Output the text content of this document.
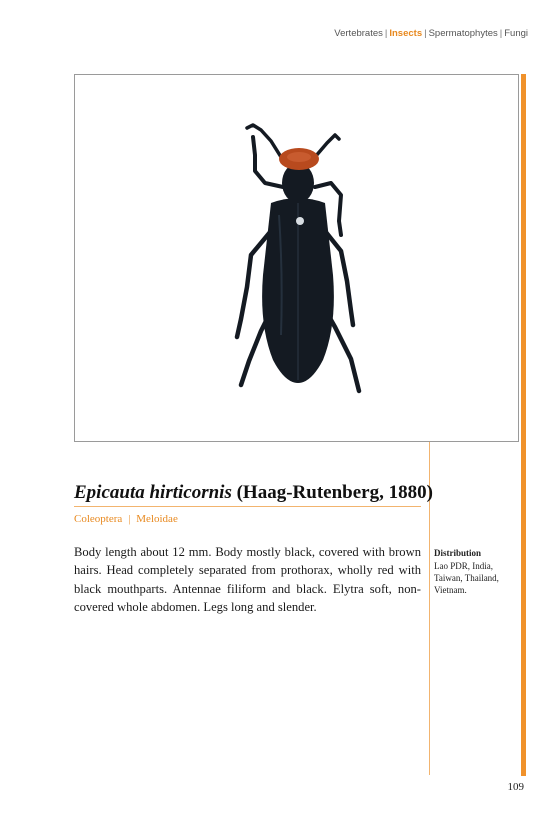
Vertebrates | Insects | Spermatophytes | Fungi
Epicauta hirticornis (Haag-Rutenberg, 1880)
Coleoptera | Meloidae
Body length about 12 mm. Body mostly black, covered with brown hairs. Head completely separated from prothorax, wholly red with black mouthparts. Antennae filiform and black. Elytra soft, non-covered whole abdomen. Legs long and slender.
Distribution
Lao PDR, India, Taiwan, Thailand, Vietnam.
109
